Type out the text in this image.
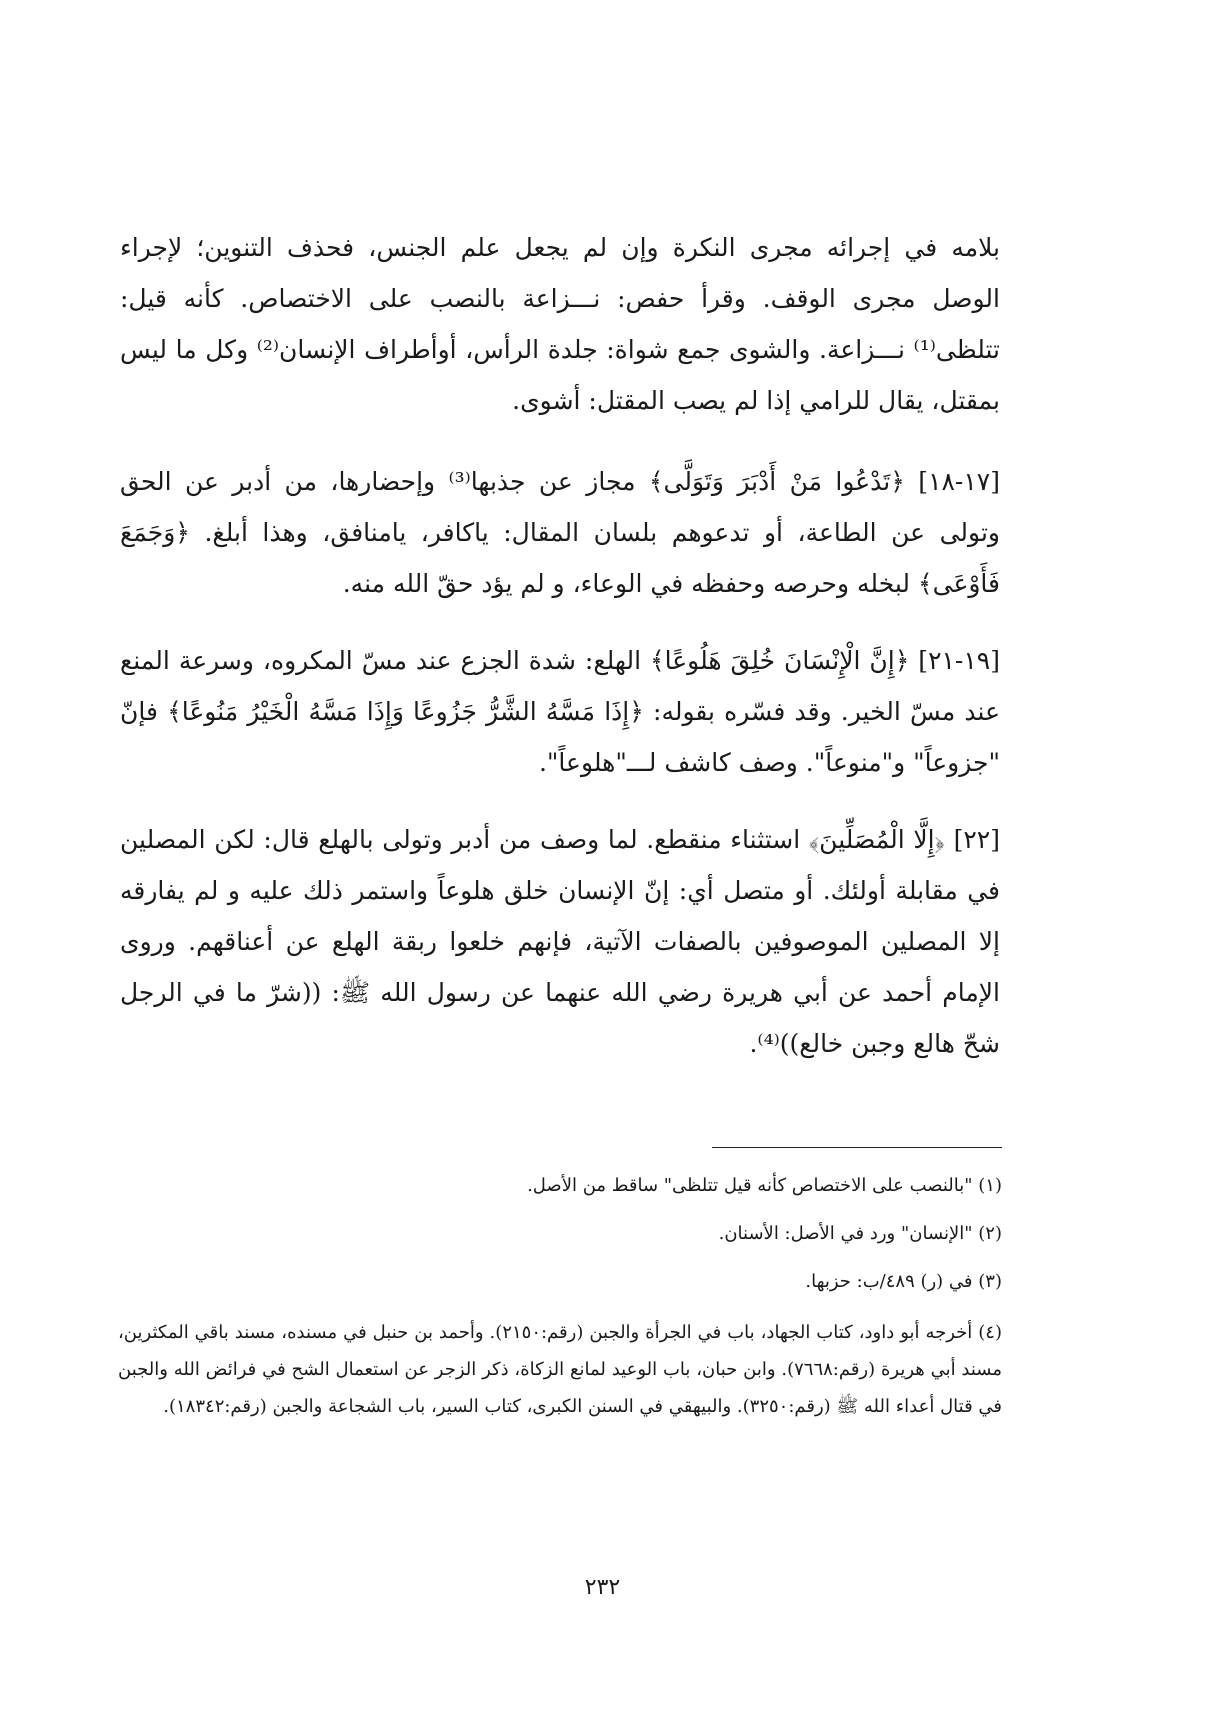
بلامه في إجرائه مجرى النكرة وإن لم يجعل علم الجنس، فحذف التنوين؛ لإجراء الوصل مجرى الوقف. وقرأ حفص: نـــزاعة بالنصب على الاختصاص. كأنه قيل: تتلظى⁽¹⁾ نـــزاعة. والشوى جمع شواة: جلدة الرأس، أوأطراف الإنسان⁽²⁾ وكل ما ليس بمقتل، يقال للرامي إذا لم يصب المقتل: أشوى.

[١٧-١٨] ﴿تَدْعُوا مَنْ أَدْبَرَ وَتَوَلَّى﴾ مجاز عن جذبها⁽³⁾ وإحضارها، من أدبر عن الحق وتولى عن الطاعة، أو تدعوهم بلسان المقال: ياكافر، يامنافق، وهذا أبلغ. ﴿وَجَمَعَ فَأَوْعَى﴾ لبخله وحرصه وحفظه في الوعاء، و لم يؤد حقّ الله منه.

[١٩-٢١] ﴿إِنَّ الْإِنْسَانَ خُلِقَ هَلُوعًا﴾ الهلع: شدة الجزع عند مسّ المكروه، وسرعة المنع عند مسّ الخير. وقد فسّره بقوله: ﴿إِذَا مَسَّهُ الشَّرُّ جَزُوعًا وَإِذَا مَسَّهُ الْخَيْرُ مَنُوعًا﴾ فإنّ "جزوعاً" و"منوعاً". وصف كاشف لـــ"هلوعاً".

[٢٢] ﴿إِلَّا الْمُصَلِّينَ﴾ استثناء منقطع. لما وصف من أدبر وتولى بالهلع قال: لكن المصلين في مقابلة أولئك. أو متصل أي: إنّ الإنسان خلق هلوعاً واستمر ذلك عليه و لم يفارقه إلا المصلين الموصوفين بالصفات الآتية، فإنهم خلعوا ربقة الهلع عن أعناقهم. وروى الإمام أحمد عن أبي هريرة رضي الله عنهما عن رسول الله ﷺ: ((شرّ ما في الرجل شحّ هالع وجبن خالع))⁽⁴⁾.

(١) "بالنصب على الاختصاص كأنه قيل تتلظى" ساقط من الأصل.

(٢) "الإنسان" ورد في الأصل: الأسنان.

(٣) في (ر) ٤٨٩/ب: حزبها.

(٤) أخرجه أبو داود، كتاب الجهاد، باب في الجرأة والجبن (رقم:٢١٥٠). وأحمد بن حنبل في مسنده، مسند باقي المكثرين، مسند أبي هريرة (رقم:٧٦٦٨). وابن حبان، باب الوعيد لمانع الزكاة، ذكر الزجر عن استعمال الشح في فرائض الله والجبن في قتال أعداء الله ﷺ (رقم:٣٢٥٠). والبيهقي في السنن الكبرى، كتاب السير، باب الشجاعة والجبن (رقم:١٨٣٤٢).

٢٣٢
